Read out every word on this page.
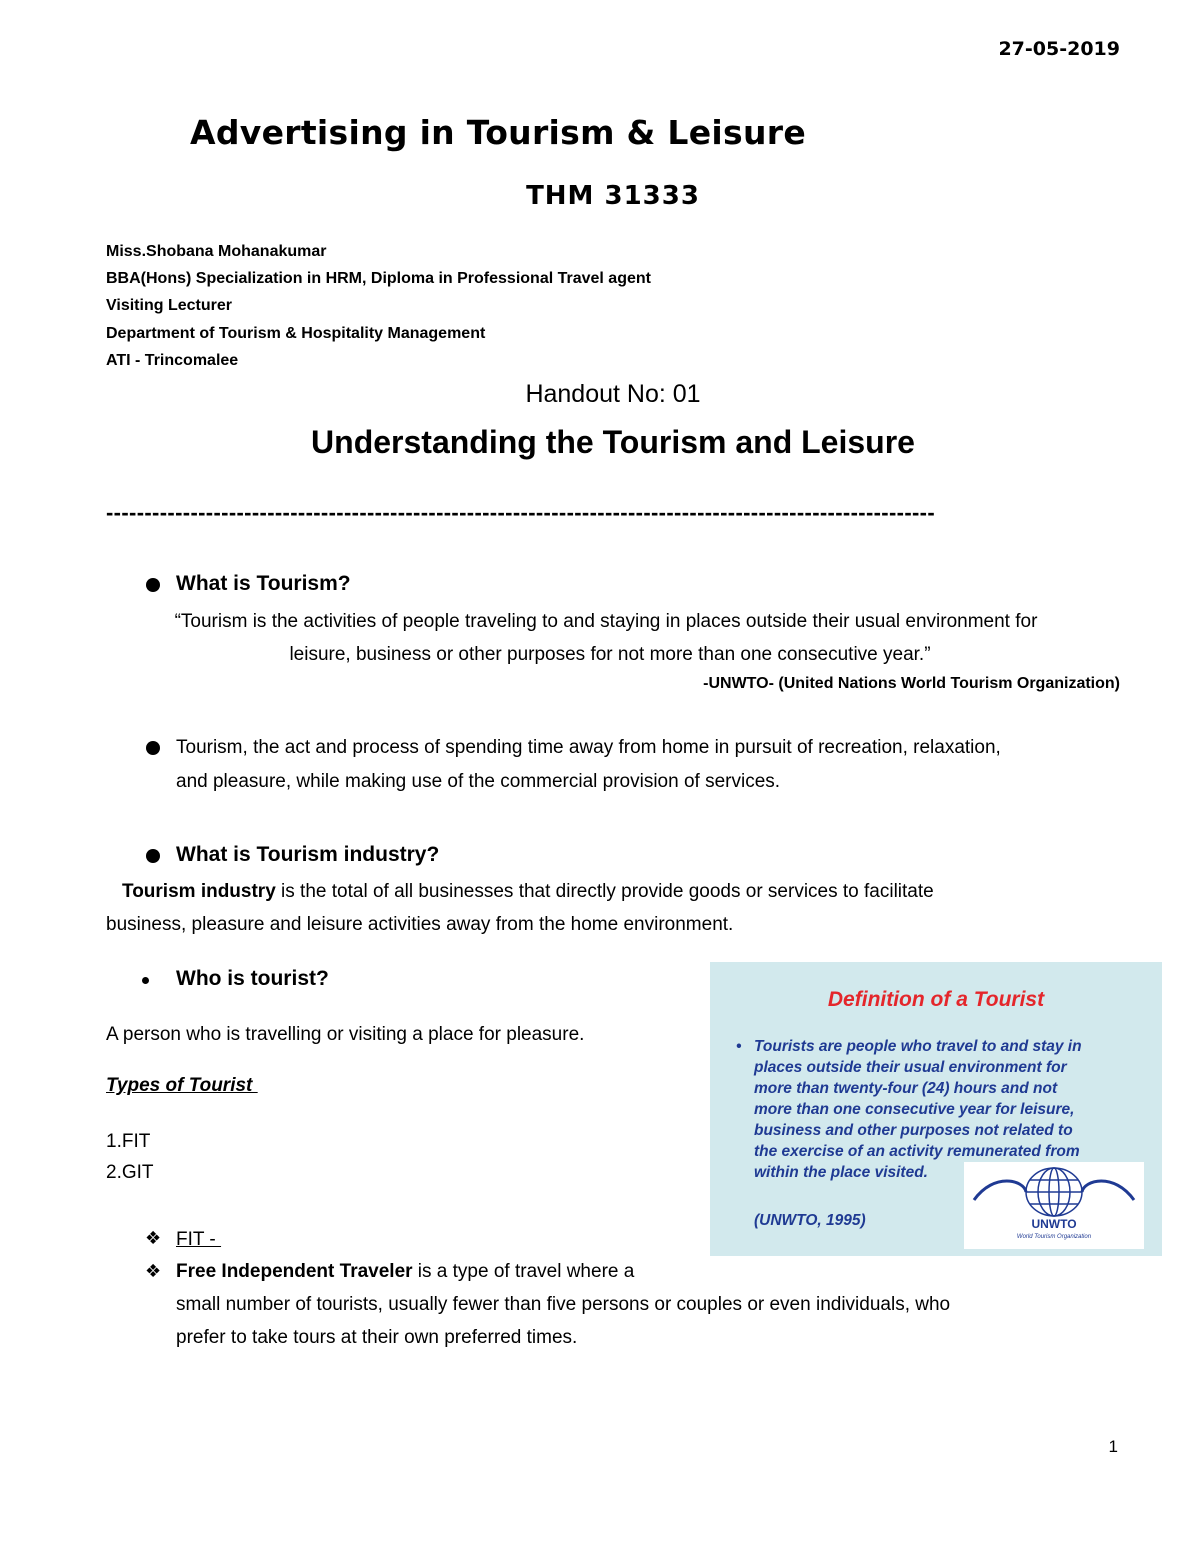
27-05-2019
Advertising in Tourism & Leisure
THM 31333
Miss.Shobana Mohanakumar
BBA(Hons) Specialization in HRM, Diploma in Professional Travel agent
Visiting Lecturer
Department of Tourism & Hospitality Management
ATI - Trincomalee
Handout No: 01
Understanding the Tourism and Leisure
------------------------------------------------------------------------------------------------------------
What is Tourism?
“Tourism is the activities of people traveling to and staying in places outside their usual environment for
leisure, business or other purposes for not more than one consecutive year.”
-UNWTO- (United Nations World Tourism Organization)
Tourism, the act and process of spending time away from home in pursuit of recreation, relaxation,
and pleasure, while making use of the commercial provision of services.
What is Tourism industry?
Tourism industry is the total of all businesses that directly provide goods or services to facilitate
business, pleasure and leisure activities away from the home environment.
Who is tourist?
A person who is travelling or visiting a place for pleasure.
Types of Tourist
1.FIT
2.GIT
❖ FIT -
❖ Free Independent Traveler is a type of travel where a
small number of tourists, usually fewer than five persons or couples or even individuals, who
prefer to take tours at their own preferred times.
Definition of a Tourist
• Tourists are people who travel to and stay in
places outside their usual environment for
more than twenty-four (24) hours and not
more than one consecutive year for leisure,
business and other purposes not related to
the exercise of an activity remunerated from
within the place visited.
(UNWTO, 1995)	UNWTO
World Tourism Organization
1
